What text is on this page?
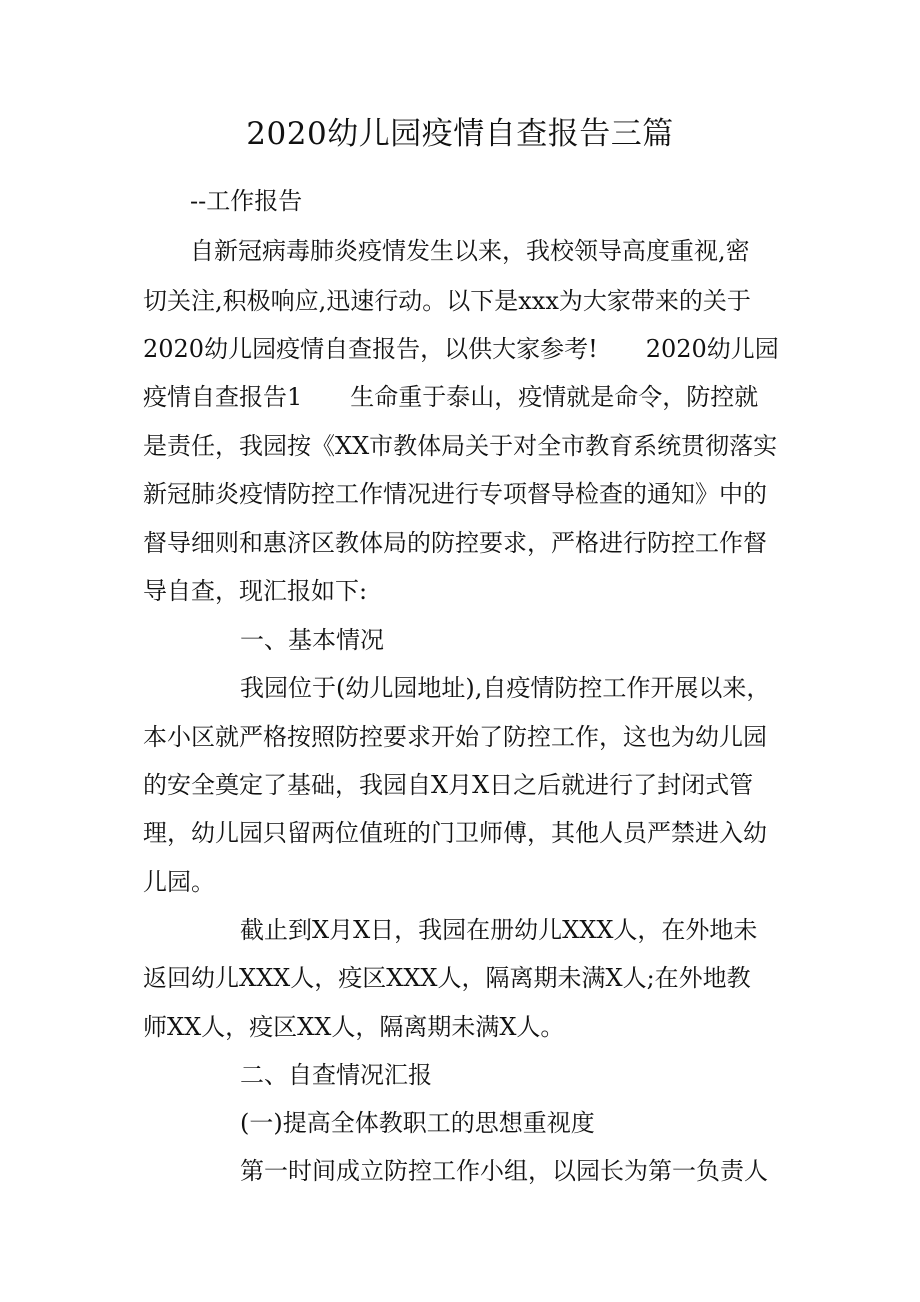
2020幼儿园疫情自查报告三篇

--工作报告

自新冠病毒肺炎疫情发生以来，我校领导高度重视,密

切关注,积极响应,迅速行动。以下是xxx为大家带来的关于

2020幼儿园疫情自查报告，以供大家参考!　　2020幼儿园

疫情自查报告1　　生命重于泰山，疫情就是命令，防控就

是责任，我园按《XX市教体局关于对全市教育系统贯彻落实

新冠肺炎疫情防控工作情况进行专项督导检查的通知》中的

督导细则和惠济区教体局的防控要求，严格进行防控工作督

导自查，现汇报如下:

一、基本情况

我园位于(幼儿园地址),自疫情防控工作开展以来，

本小区就严格按照防控要求开始了防控工作，这也为幼儿园

的安全奠定了基础，我园自X月X日之后就进行了封闭式管

理，幼儿园只留两位值班的门卫师傅，其他人员严禁进入幼

儿园。

截止到X月X日，我园在册幼儿XXX人，在外地未

返回幼儿XXX人，疫区XXX人，隔离期未满X人;在外地教

师XX人，疫区XX人，隔离期未满X人。

二、自查情况汇报

(一)提高全体教职工的思想重视度

第一时间成立防控工作小组，以园长为第一负责人
